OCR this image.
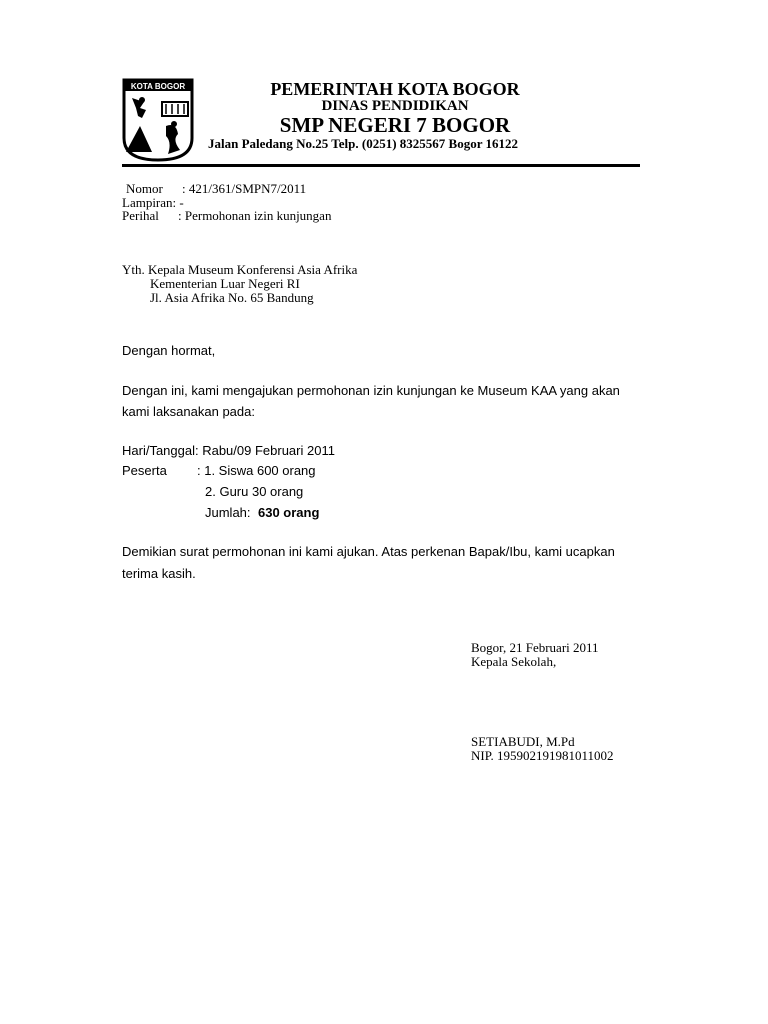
KOTA BOGOR	PEMERINTAH KOTA BOGOR
DINAS PENDIDIKAN
SMP NEGERI 7 BOGOR
Jalan Paledang No.25 Telp. (0251) 8325567 Bogor 16122
Nomor : 421/361/SMPN7/2011
Lampiran: -
Perihal : Permohonan izin kunjungan
Yth. Kepala Museum Konferensi Asia Afrika
Kementerian Luar Negeri RI
Jl. Asia Afrika No. 65 Bandung
Dengan hormat,
Dengan ini, kami mengajukan permohonan izin kunjungan ke Museum KAA yang akan
kami laksanakan pada:
Hari/Tanggal: Rabu/09 Februari 2011
Peserta : 1. Siswa 600 orang
2. Guru 30 orang
Jumlah: 630 orang
Demikian surat permohonan ini kami ajukan. Atas perkenan Bapak/Ibu, kami ucapkan
terima kasih.
Bogor, 21 Februari 2011
Kepala Sekolah,
SETIABUDI, M.Pd
NIP. 195902191981011002
